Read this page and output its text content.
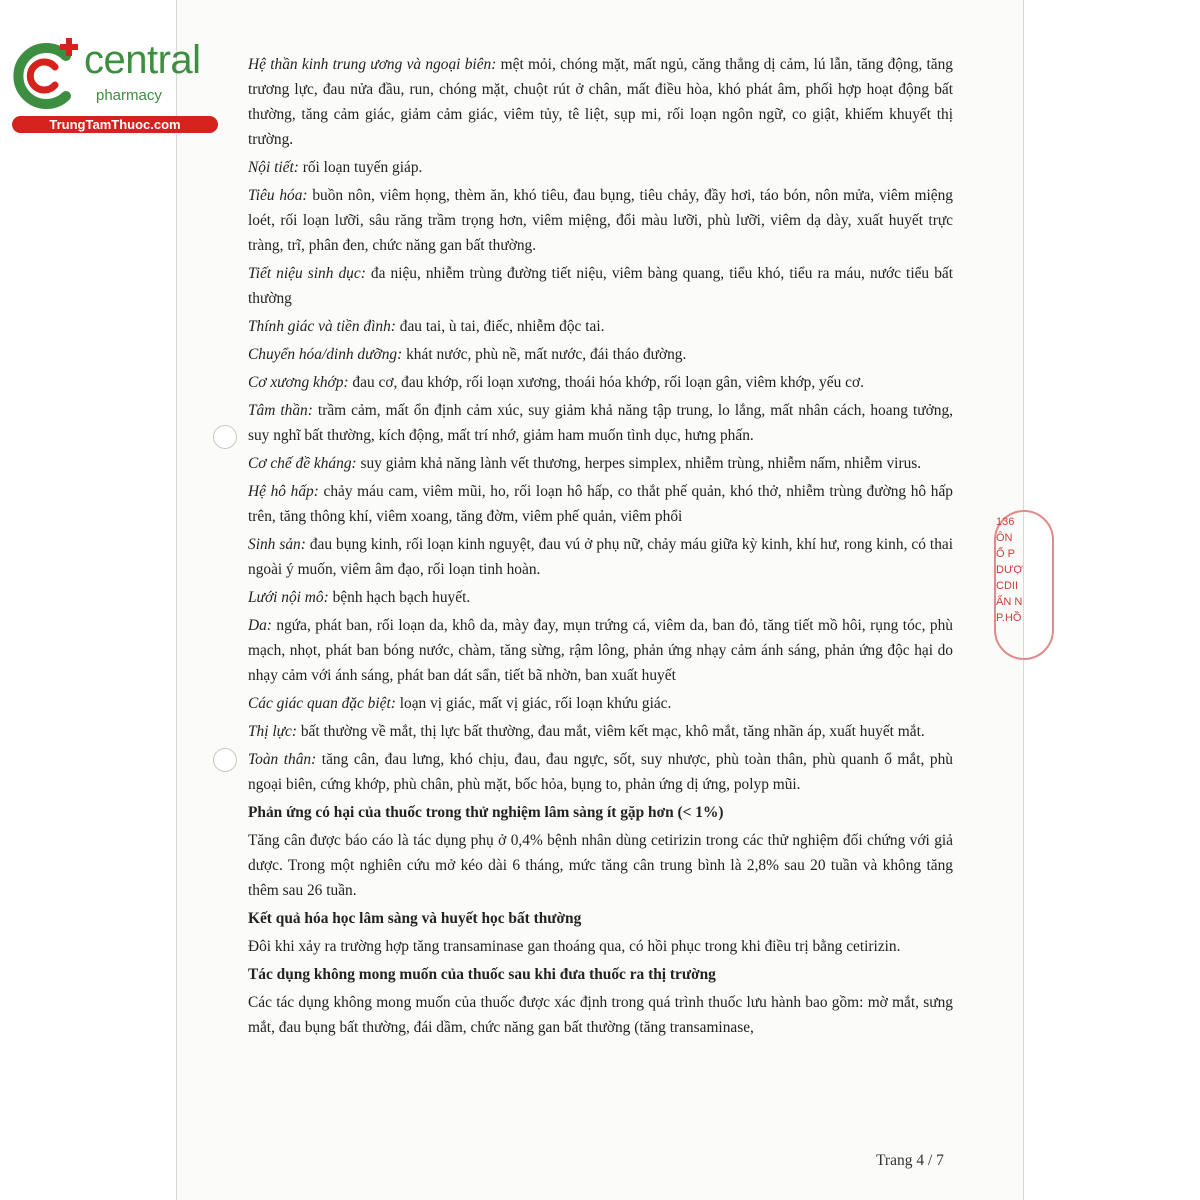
central
pharmacy
TrungTamThuoc.com
136
ÔN
Ố P
DƯỢ
CDII
ẨN N
P.HỒ

Hệ thần kinh trung ương và ngoại biên: mệt mỏi, chóng mặt, mất ngủ, căng thẳng dị cảm, lú lẫn, tăng động, tăng trương lực, đau nửa đầu, run, chóng mặt, chuột rút ở chân, mất điều hòa, khó phát âm, phối hợp hoạt động bất thường, tăng cảm giác, giảm cảm giác, viêm tủy, tê liệt, sụp mi, rối loạn ngôn ngữ, co giật, khiếm khuyết thị trường.

Nội tiết: rối loạn tuyến giáp.

Tiêu hóa: buồn nôn, viêm họng, thèm ăn, khó tiêu, đau bụng, tiêu chảy, đầy hơi, táo bón, nôn mửa, viêm miệng loét, rối loạn lưỡi, sâu răng trầm trọng hơn, viêm miệng, đổi màu lưỡi, phù lưỡi, viêm dạ dày, xuất huyết trực tràng, trĩ, phân đen, chức năng gan bất thường.

Tiết niệu sinh dục: đa niệu, nhiễm trùng đường tiết niệu, viêm bàng quang, tiểu khó, tiểu ra máu, nước tiểu bất thường

Thính giác và tiền đình: đau tai, ù tai, điếc, nhiễm độc tai.

Chuyển hóa/dinh dưỡng: khát nước, phù nề, mất nước, đái tháo đường.

Cơ xương khớp: đau cơ, đau khớp, rối loạn xương, thoái hóa khớp, rối loạn gân, viêm khớp, yếu cơ.

Tâm thần: trầm cảm, mất ổn định cảm xúc, suy giảm khả năng tập trung, lo lắng, mất nhân cách, hoang tưởng, suy nghĩ bất thường, kích động, mất trí nhớ, giảm ham muốn tình dục, hưng phấn.

Cơ chế đề kháng: suy giảm khả năng lành vết thương, herpes simplex, nhiễm trùng, nhiễm nấm, nhiễm virus.

Hệ hô hấp: chảy máu cam, viêm mũi, ho, rối loạn hô hấp, co thắt phế quản, khó thở, nhiễm trùng đường hô hấp trên, tăng thông khí, viêm xoang, tăng đờm, viêm phế quản, viêm phổi

Sinh sản: đau bụng kinh, rối loạn kinh nguyệt, đau vú ở phụ nữ, chảy máu giữa kỳ kinh, khí hư, rong kinh, có thai ngoài ý muốn, viêm âm đạo, rối loạn tinh hoàn.

Lưới nội mô: bệnh hạch bạch huyết.

Da: ngứa, phát ban, rối loạn da, khô da, mày đay, mụn trứng cá, viêm da, ban đỏ, tăng tiết mồ hôi, rụng tóc, phù mạch, nhọt, phát ban bóng nước, chàm, tăng sừng, rậm lông, phản ứng nhạy cảm ánh sáng, phản ứng độc hại do nhạy cảm với ánh sáng, phát ban dát sẩn, tiết bã nhờn, ban xuất huyết

Các giác quan đặc biệt: loạn vị giác, mất vị giác, rối loạn khứu giác.

Thị lực: bất thường về mắt, thị lực bất thường, đau mắt, viêm kết mạc, khô mắt, tăng nhãn áp, xuất huyết mắt.

Toàn thân: tăng cân, đau lưng, khó chịu, đau, đau ngực, sốt, suy nhược, phù toàn thân, phù quanh ổ mắt, phù ngoại biên, cứng khớp, phù chân, phù mặt, bốc hỏa, bụng to, phản ứng dị ứng, polyp mũi.

Phản ứng có hại của thuốc trong thử nghiệm lâm sàng ít gặp hơn (< 1%)

Tăng cân được báo cáo là tác dụng phụ ở 0,4% bệnh nhân dùng cetirizin trong các thử nghiệm đối chứng với giả dược. Trong một nghiên cứu mở kéo dài 6 tháng, mức tăng cân trung bình là 2,8% sau 20 tuần và không tăng thêm sau 26 tuần.

Kết quả hóa học lâm sàng và huyết học bất thường

Đôi khi xảy ra trường hợp tăng transaminase gan thoáng qua, có hồi phục trong khi điều trị bằng cetirizin.

Tác dụng không mong muốn của thuốc sau khi đưa thuốc ra thị trường

Các tác dụng không mong muốn của thuốc được xác định trong quá trình thuốc lưu hành bao gồm: mờ mắt, sưng mắt, đau bụng bất thường, đái dầm, chức năng gan bất thường (tăng transaminase,

Trang 4 / 7
